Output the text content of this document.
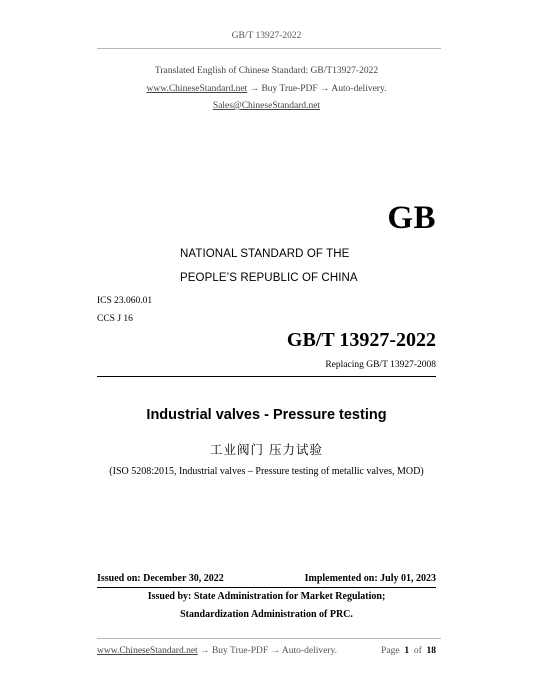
GB/T 13927-2022
Translated English of Chinese Standard: GB/T13927-2022
www.ChineseStandard.net → Buy True-PDF → Auto-delivery.
Sales@ChineseStandard.net
GB
NATIONAL STANDARD OF THE
PEOPLE’S REPUBLIC OF CHINA
ICS 23.060.01
CCS J 16
GB/T 13927-2022
Replacing GB/T 13927-2008
Industrial valves - Pressure testing
工业阀门 压力试验
(ISO 5208:2015, Industrial valves – Pressure testing of metallic valves, MOD)
Issued on: December 30, 2022	Implemented on: July 01, 2023
Issued by: State Administration for Market Regulation;
Standardization Administration of PRC.
www.ChineseStandard.net → Buy True-PDF → Auto-delivery.	Page 1 of 18
